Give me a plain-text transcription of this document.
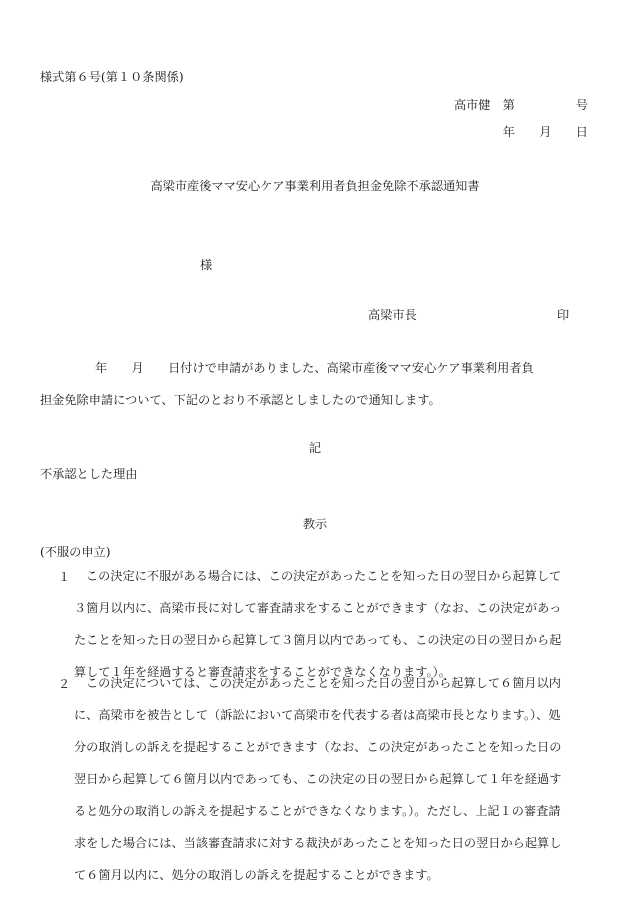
様式第６号(第１０条関係)
高市健　第　　　　　号
年　　月　　日
高梁市産後ママ安心ケア事業利用者負担金免除不承認通知書
様
高梁市長	印
年　　月　　日付けで申請がありました、高梁市産後ママ安心ケア事業利用者負
担金免除申請について、下記のとおり不承認としましたので通知します。
記
不承認とした理由
教示
(不服の申立)
１ この決定に不服がある場合には、この決定があったことを知った日の翌日から起算して
３箇月以内に、高梁市長に対して審査請求をすることができます（なお、この決定があっ
たことを知った日の翌日から起算して３箇月以内であっても、この決定の日の翌日から起
算して１年を経過すると審査請求をすることができなくなります。）。
２ この決定については、この決定があったことを知った日の翌日から起算して６箇月以内
に、高梁市を被告として（訴訟において高梁市を代表する者は高梁市長となります。）、処
分の取消しの訴えを提起することができます（なお、この決定があったことを知った日の
翌日から起算して６箇月以内であっても、この決定の日の翌日から起算して１年を経過す
ると処分の取消しの訴えを提起することができなくなります。）。ただし、上記１の審査請
求をした場合には、当該審査請求に対する裁決があったことを知った日の翌日から起算し
て６箇月以内に、処分の取消しの訴えを提起することができます。
